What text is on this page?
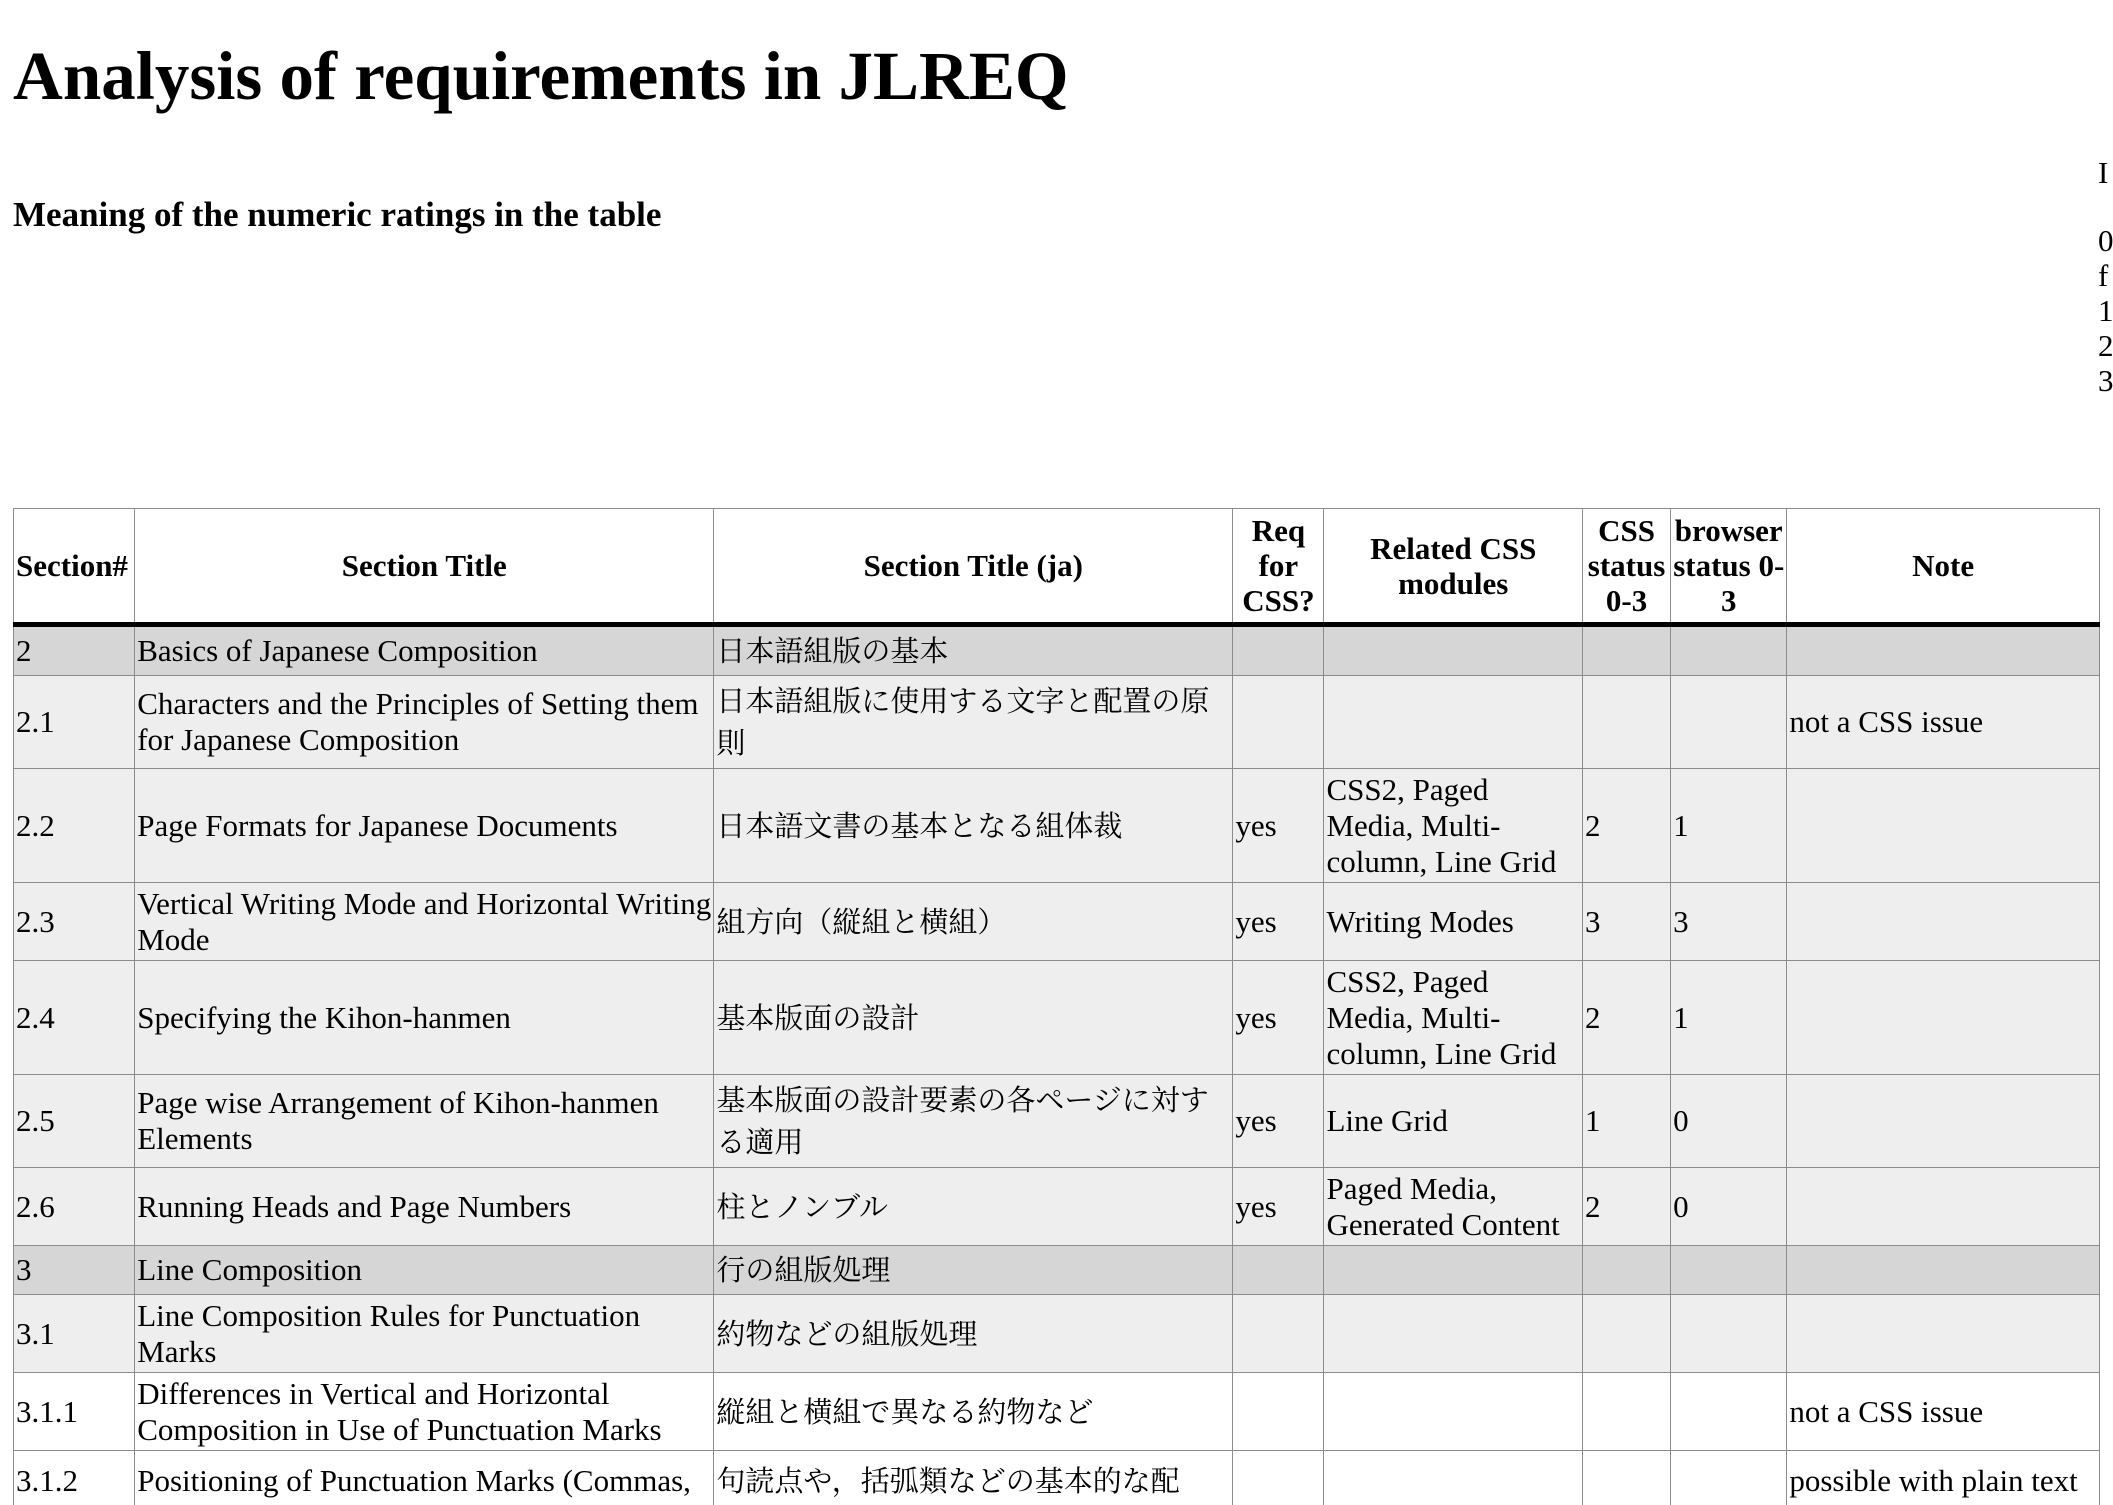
Analysis of requirements in JLREQ
Meaning of the numeric ratings in the table
I
0
f
1
2
3
Section#	Section Title	Section Title (ja)	Req for CSS?	Related CSS modules	CSS status 0-3	browser status 0-3	Note
2	Basics of Japanese Composition	日本語組版の基本					
2.1	Characters and the Principles of Setting them for Japanese Composition	日本語組版に使用する文字と配置の原則					not a CSS issue
2.2	Page Formats for Japanese Documents	日本語文書の基本となる組体裁	yes	CSS2, Paged Media, Multi-column, Line Grid	2	1	
2.3	Vertical Writing Mode and Horizontal Writing Mode	組方向（縦組と横組）	yes	Writing Modes	3	3	
2.4	Specifying the Kihon-hanmen	基本版面の設計	yes	CSS2, Paged Media, Multi-column, Line Grid	2	1	
2.5	Page wise Arrangement of Kihon-hanmen Elements	基本版面の設計要素の各ページに対する適用	yes	Line Grid	1	0	
2.6	Running Heads and Page Numbers	柱とノンブル	yes	Paged Media, Generated Content	2	0	
3	Line Composition	行の組版処理					
3.1	Line Composition Rules for Punctuation Marks	約物などの組版処理					
3.1.1	Differences in Vertical and Horizontal Composition in Use of Punctuation Marks	縦組と横組で異なる約物など					not a CSS issue
3.1.2	Positioning of Punctuation Marks (Commas,	句読点や，括弧類などの基本的な配					possible with plain text
